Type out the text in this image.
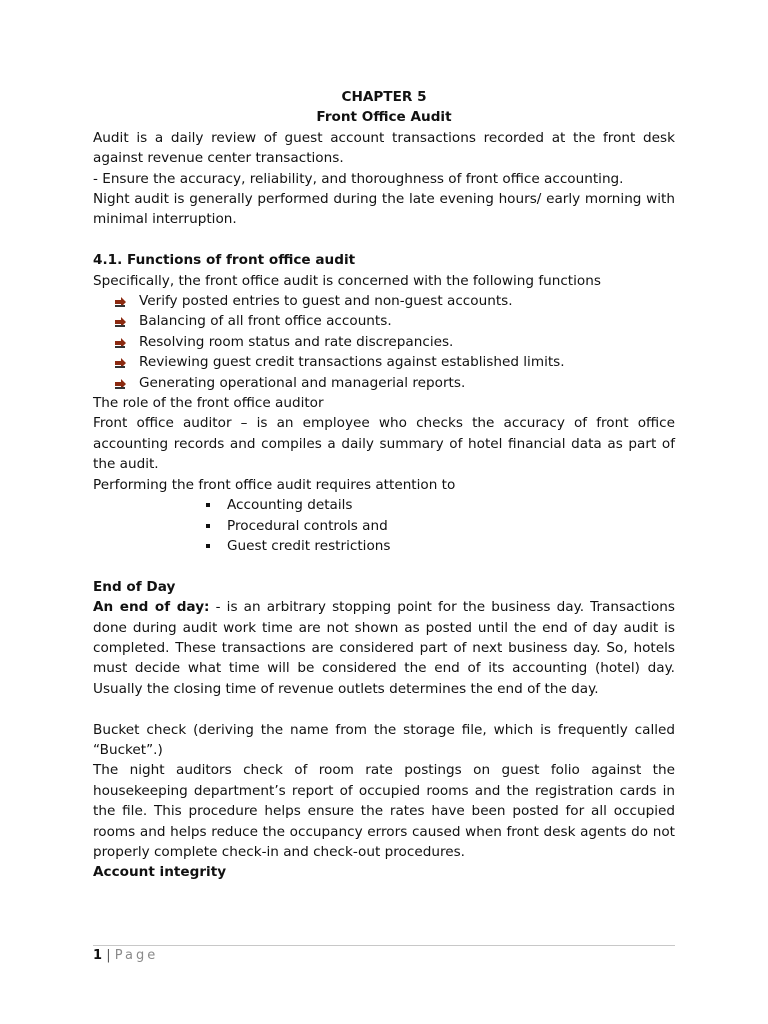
CHAPTER 5

Front Office Audit

Audit is a daily review of guest account transactions recorded at the front desk against revenue center transactions.

- Ensure the accuracy, reliability, and thoroughness of front office accounting.

Night audit is generally performed during the late evening hours/ early morning with minimal interruption.

4.1. Functions of front office audit

Specifically, the front office audit is concerned with the following functions

Verify posted entries to guest and non-guest accounts.
Balancing of all front office accounts.
Resolving room status and rate discrepancies.
Reviewing guest credit transactions against established limits.
Generating operational and managerial reports.

The role of the front office auditor

Front office auditor – is an employee who checks the accuracy of front office accounting records and compiles a daily summary of hotel financial data as part of the audit.

Performing the front office audit requires attention to

Accounting details
Procedural controls and
Guest credit restrictions

End of Day

An end of day: - is an arbitrary stopping point for the business day. Transactions done during audit work time are not shown as posted until the end of day audit is completed. These transactions are considered part of next business day. So, hotels must decide what time will be considered the end of its accounting (hotel) day. Usually the closing time of revenue outlets determines the end of the day.

Bucket check (deriving the name from the storage file, which is frequently called “Bucket”.)

The night auditors check of room rate postings on guest folio against the housekeeping department’s report of occupied rooms and the registration cards in the file. This procedure helps ensure the rates have been posted for all occupied rooms and helps reduce the occupancy errors caused when front desk agents do not properly complete check-in and check-out procedures.

Account integrity

1 | Page
